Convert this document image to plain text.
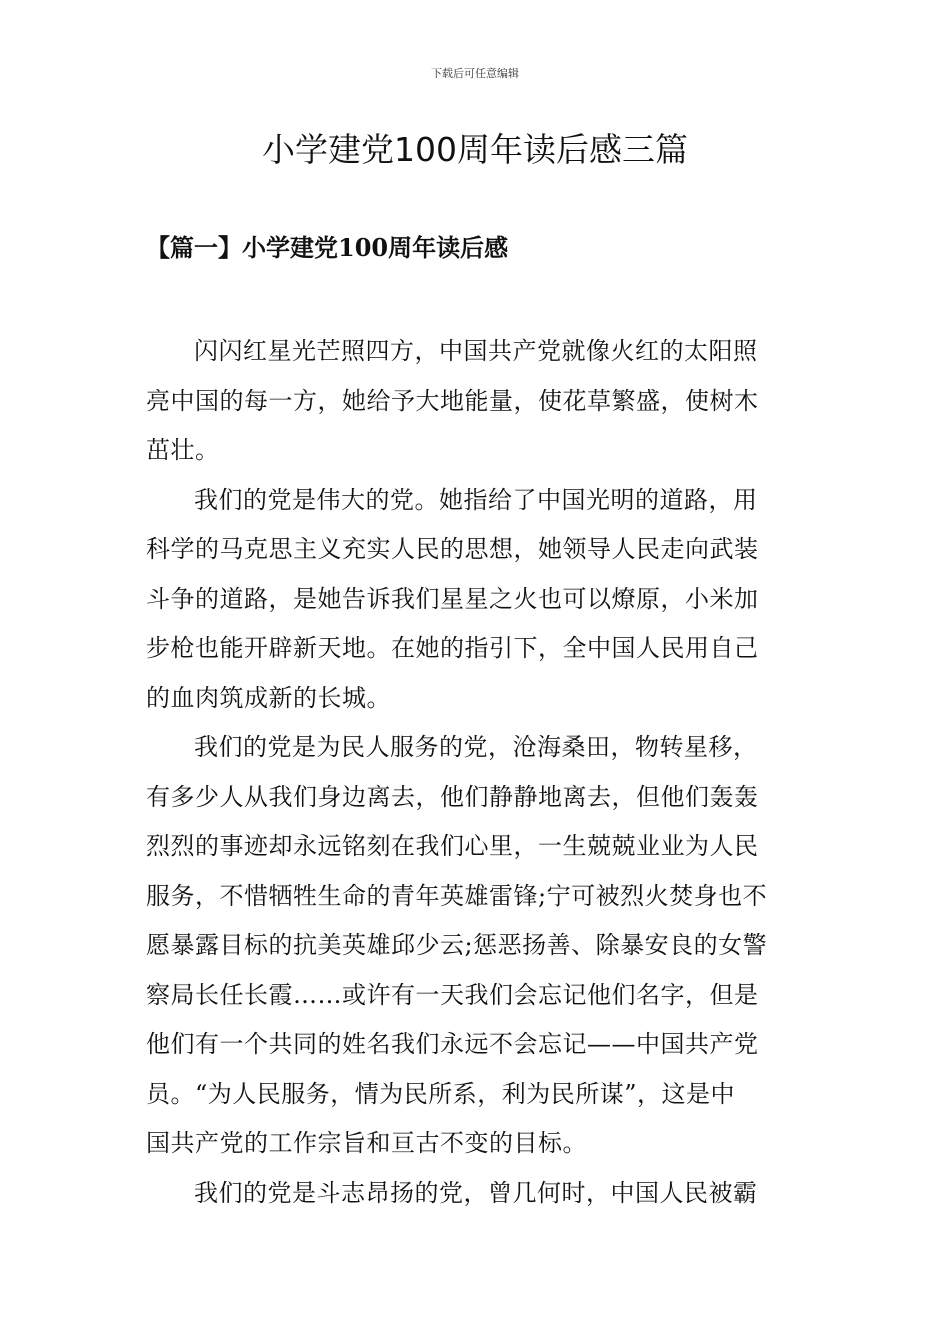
下载后可任意编辑
小学建党100周年读后感三篇
【篇一】小学建党100周年读后感

闪闪红星光芒照四方，中国共产党就像火红的太阳照
亮中国的每一方，她给予大地能量，使花草繁盛，使树木
茁壮。

我们的党是伟大的党。她指给了中国光明的道路，用
科学的马克思主义充实人民的思想，她领导人民走向武装
斗争的道路，是她告诉我们星星之火也可以燎原，小米加
步枪也能开辟新天地。在她的指引下，全中国人民用自己
的血肉筑成新的长城。

我们的党是为民人服务的党，沧海桑田，物转星移，
有多少人从我们身边离去，他们静静地离去，但他们轰轰
烈烈的事迹却永远铭刻在我们心里，一生兢兢业业为人民
服务，不惜牺牲生命的青年英雄雷锋;宁可被烈火焚身也不
愿暴露目标的抗美英雄邱少云;惩恶扬善、除暴安良的女警
察局长任长霞……或许有一天我们会忘记他们名字，但是
他们有一个共同的姓名我们永远不会忘记——中国共产党
员。“为人民服务，情为民所系，利为民所谋”，这是中
国共产党的工作宗旨和亘古不变的目标。

我们的党是斗志昂扬的党，曾几何时，中国人民被霸
